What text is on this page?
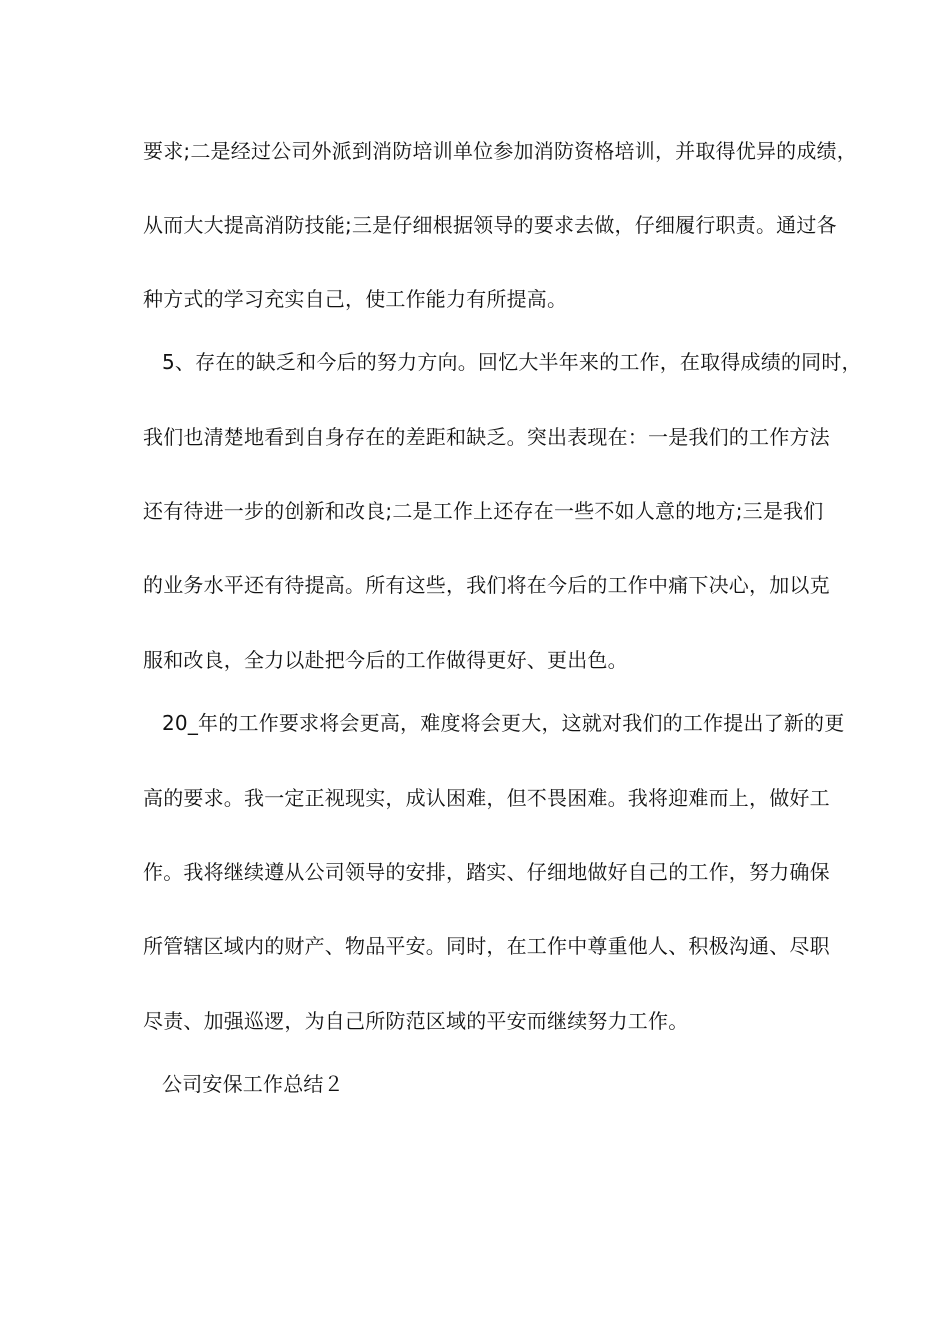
要求;二是经过公司外派到消防培训单位参加消防资格培训，并取得优异的成绩，
从而大大提高消防技能;三是仔细根据领导的要求去做，仔细履行职责。通过各
种方式的学习充实自己，使工作能力有所提高。
5、存在的缺乏和今后的努力方向。回忆大半年来的工作，在取得成绩的同时，
我们也清楚地看到自身存在的差距和缺乏。突出表现在：一是我们的工作方法
还有待进一步的创新和改良;二是工作上还存在一些不如人意的地方;三是我们
的业务水平还有待提高。所有这些，我们将在今后的工作中痛下决心，加以克
服和改良，全力以赴把今后的工作做得更好、更出色。
20_年的工作要求将会更高，难度将会更大，这就对我们的工作提出了新的更
高的要求。我一定正视现实，成认困难，但不畏困难。我将迎难而上，做好工
作。我将继续遵从公司领导的安排，踏实、仔细地做好自己的工作，努力确保
所管辖区域内的财产、物品平安。同时，在工作中尊重他人、积极沟通、尽职
尽责、加强巡逻，为自己所防范区域的平安而继续努力工作。
公司安保工作总结２
